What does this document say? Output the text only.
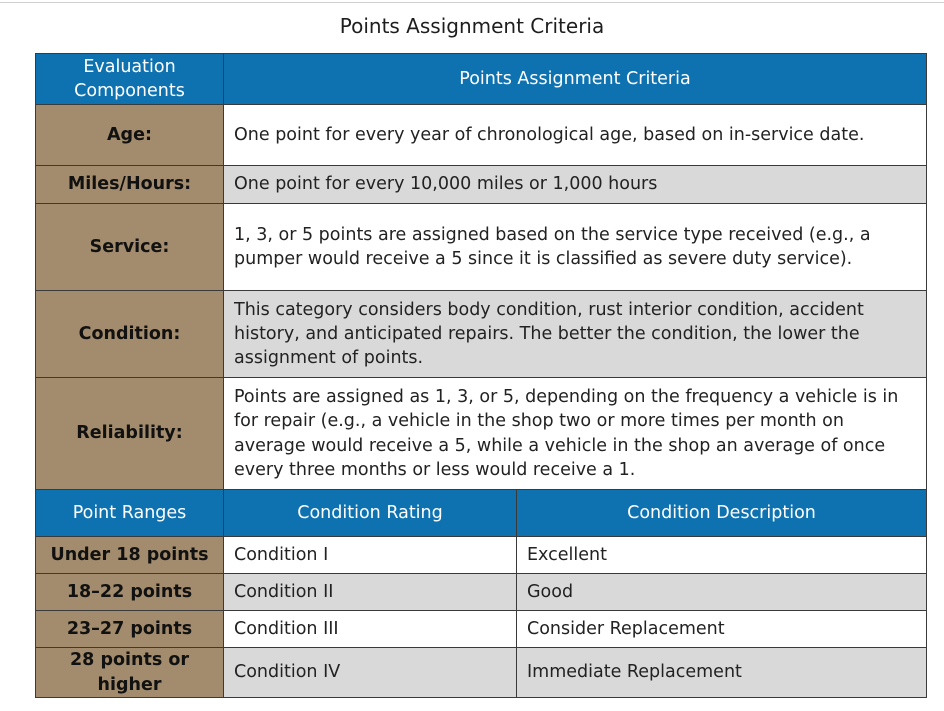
Points Assignment Criteria
Evaluation Components	Points Assignment Criteria	
Age:	One point for every year of chronological age, based on in-service date.	
Miles/Hours:	One point for every 10,000 miles or 1,000 hours	
Service:	1, 3, or 5 points are assigned based on the service type received (e.g., a pumper would receive a 5 since it is classified as severe duty service).	
Condition:	This category considers body condition, rust interior condition, accident history, and anticipated repairs. The better the condition, the lower the assignment of points.	
Reliability:	Points are assigned as 1, 3, or 5, depending on the frequency a vehicle is in for repair (e.g., a vehicle in the shop two or more times per month on average would receive a 5, while a vehicle in the shop an average of once every three months or less would receive a 1.	
Point Ranges	Condition Rating	Condition Description
Under 18 points	Condition I	Excellent
18–22 points	Condition II	Good
23–27 points	Condition III	Consider Replacement
28 points or higher	Condition IV	Immediate Replacement
